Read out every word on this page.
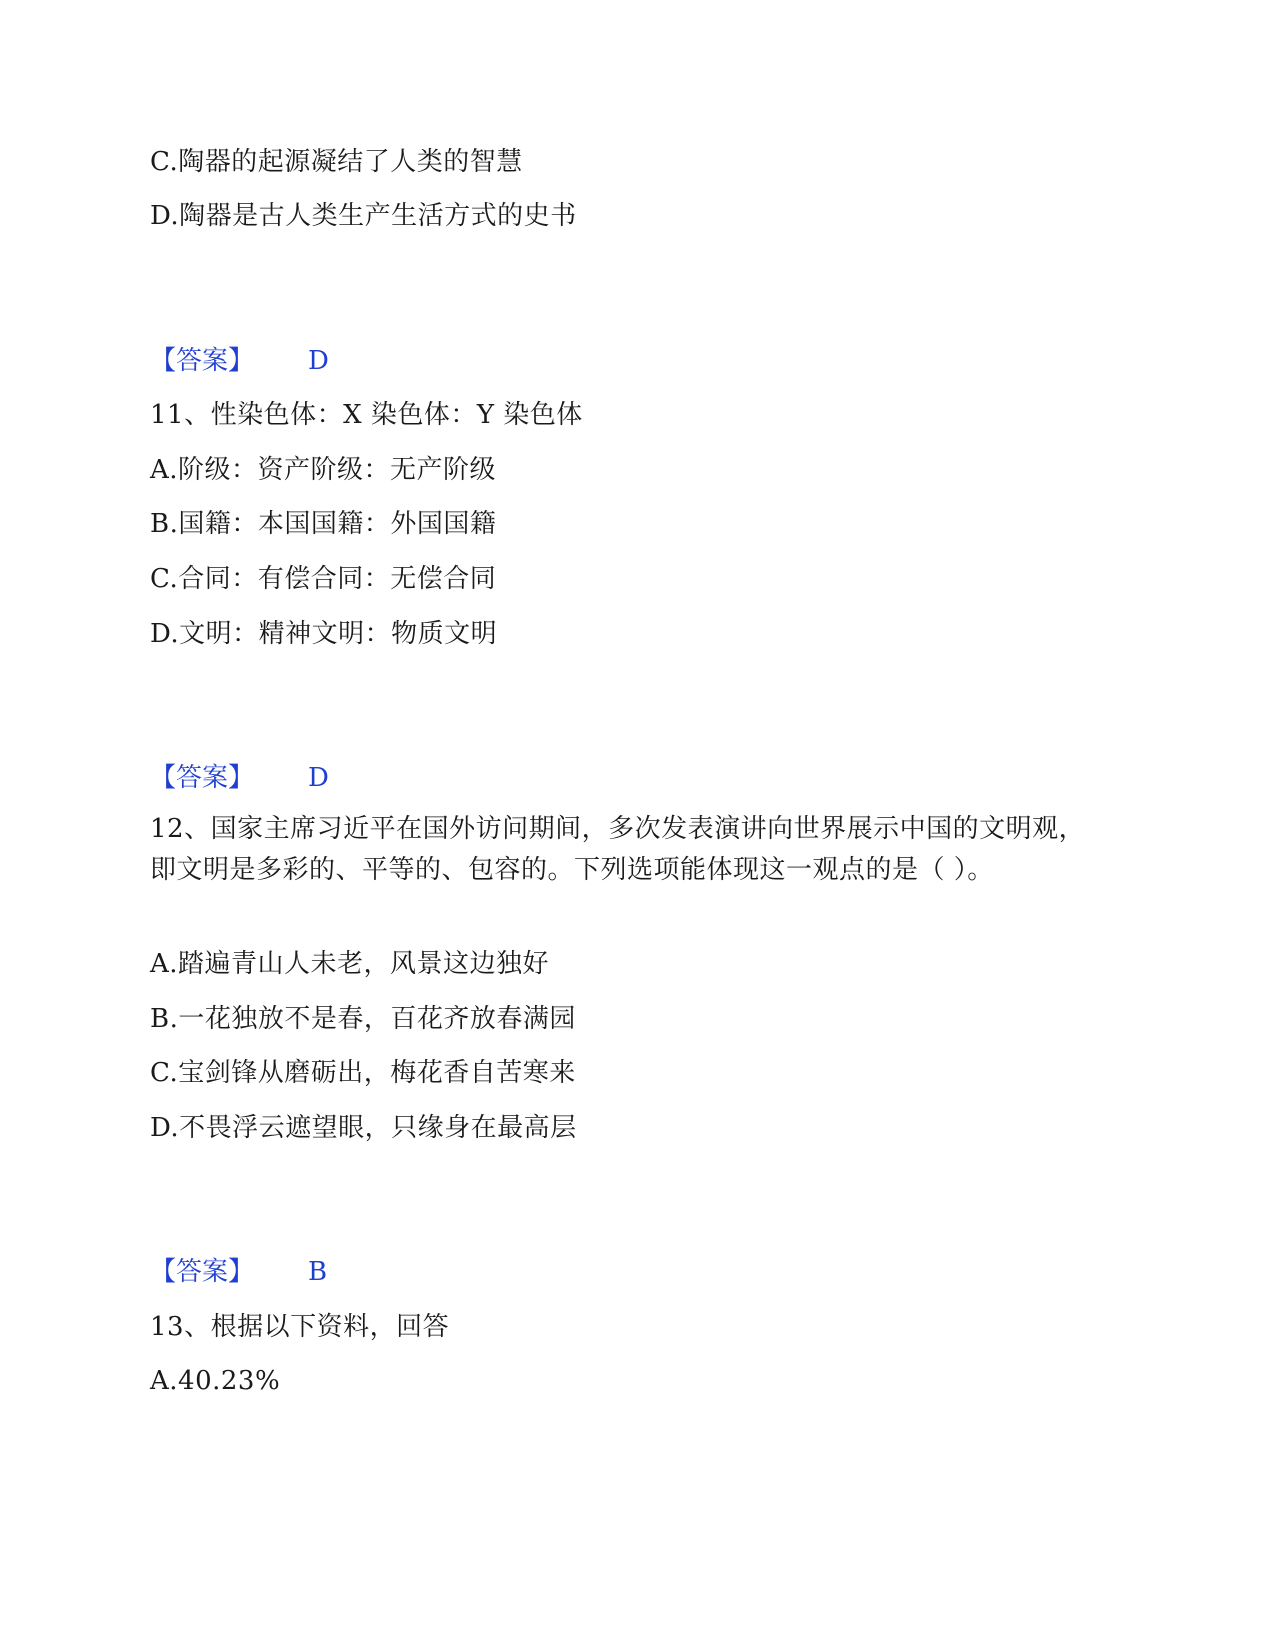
C.陶器的起源凝结了人类的智慧
D.陶器是古人类生产生活方式的史书
【答案】 D
11、性染色体：X 染色体：Y 染色体
A.阶级：资产阶级：无产阶级
B.国籍：本国国籍：外国国籍
C.合同：有偿合同：无偿合同
D.文明：精神文明：物质文明
【答案】 D
12、国家主席习近平在国外访问期间，多次发表演讲向世界展示中国的文明观，即文明是多彩的、平等的、包容的。下列选项能体现这一观点的是（ ）。
A.踏遍青山人未老，风景这边独好
B.一花独放不是春，百花齐放春满园
C.宝剑锋从磨砺出，梅花香自苦寒来
D.不畏浮云遮望眼，只缘身在最高层
【答案】 B
13、根据以下资料，回答
A.40.23%
